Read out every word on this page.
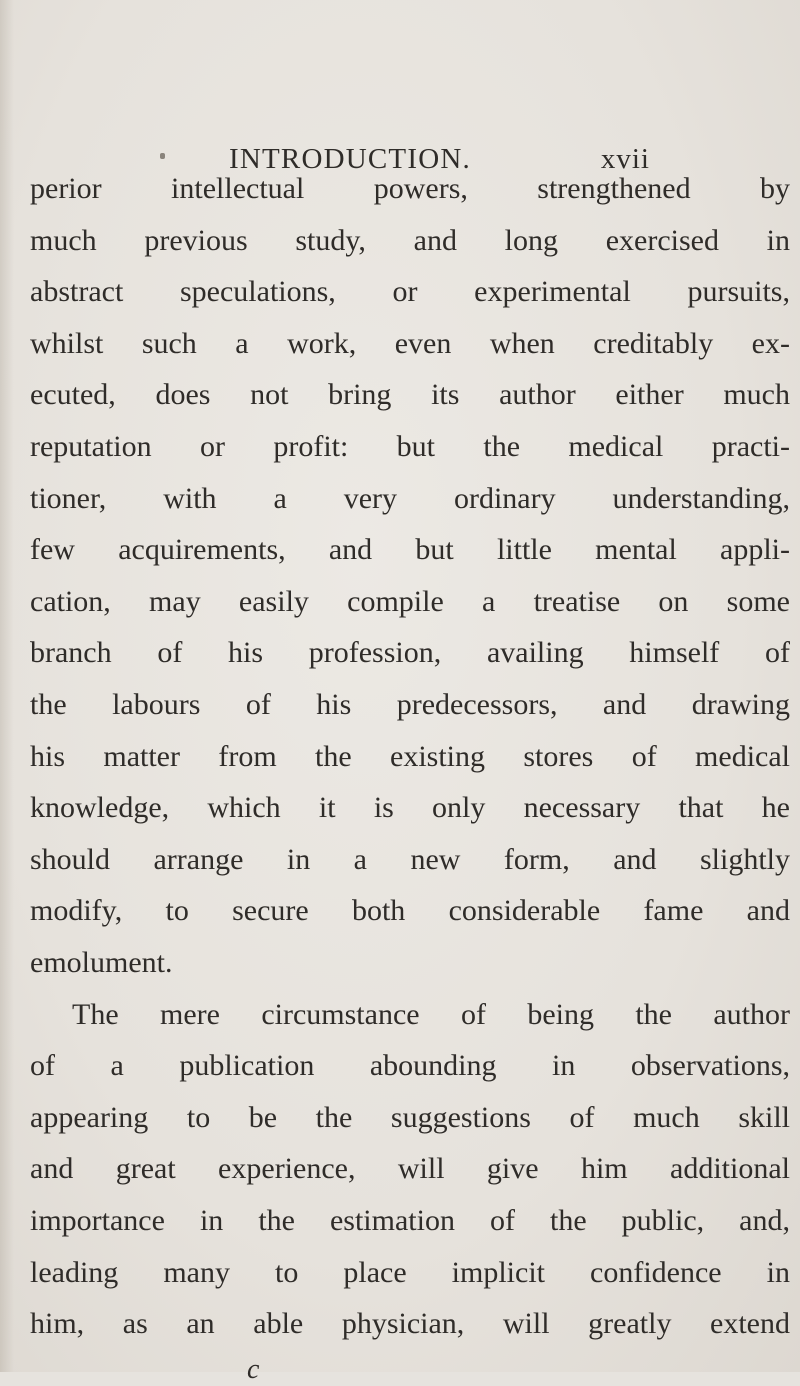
INTRODUCTION.	xvii
perior intellectual powers, strengthened by
much previous study, and long exercised in
abstract speculations, or experimental pursuits,
whilst such a work, even when creditably ex-
ecuted, does not bring its author either much
reputation or profit: but the medical practi-
tioner, with a very ordinary understanding,
few acquirements, and but little mental appli-
cation, may easily compile a treatise on some
branch of his profession, availing himself of
the labours of his predecessors, and drawing
his matter from the existing stores of medical
knowledge, which it is only necessary that he
should arrange in a new form, and slightly
modify, to secure both considerable fame and
emolument.
The mere circumstance of being the author
of a publication abounding in observations,
appearing to be the suggestions of much skill
and great experience, will give him additional
importance in the estimation of the public, and,
leading many to place implicit confidence in
him, as an able physician, will greatly extend
c
